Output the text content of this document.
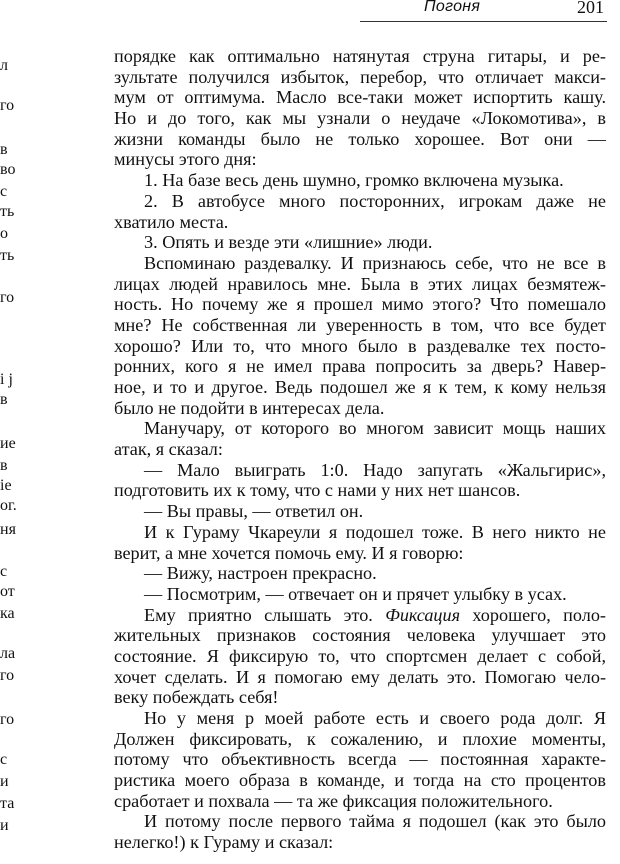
Погоня	201
л
го
в
во
с
ть
о
ть
го
і j
в
ие
в
ie
ог.
ня
с
от
ка
ла
го
го
с
и
та
и
порядке как оптимально натянутая струна гитары, и ре-
зультате получился избыток, перебор, что отличает макси-
мум от оптимума. Масло все-таки может испортить кашу.
Но и до того, как мы узнали о неудаче «Локомотива», в
жизни команды было не только хорошее. Вот они —
минусы этого дня:
1. На базе весь день шумно, громко включена музыка.
2. В автобусе много посторонних, игрокам даже не
хватило места.
3. Опять и везде эти «лишние» люди.
Вспоминаю раздевалку. И признаюсь себе, что не все в
лицах людей нравилось мне. Была в этих лицах безмятеж-
ность. Но почему же я прошел мимо этого? Что помешало
мне? Не собственная ли уверенность в том, что все будет
хорошо? Или то, что много было в раздевалке тех посто-
ронних, кого я не имел права попросить за дверь? Навер-
ное, и то и другое. Ведь подошел же я к тем, к кому нельзя
было не подойти в интересах дела.
Манучару, от которого во многом зависит мощь наших
атак, я сказал:
— Мало выиграть 1:0. Надо запугать «Жальгирис»,
подготовить их к тому, что с нами у них нет шансов.
— Вы правы, — ответил он.
И к Гураму Чкареули я подошел тоже. В него никто не
верит, а мне хочется помочь ему. И я говорю:
— Вижу, настроен прекрасно.
— Посмотрим, — отвечает он и прячет улыбку в усах.
Ему приятно слышать это. Фиксация хорошего, поло-
жительных признаков состояния человека улучшает это
состояние. Я фиксирую то, что спортсмен делает с собой,
хочет сделать. И я помогаю ему делать это. Помогаю чело-
веку побеждать себя!
Но у меня р моей работе есть и своего рода долг. Я
Должен фиксировать, к сожалению, и плохие моменты,
потому что объективность всегда — постоянная характе-
ристика моего образа в команде, и тогда на сто процентов
сработает и похвала — та же фиксация положительного.
И потому после первого тайма я подошел (как это было
нелегко!) к Гураму и сказал:
